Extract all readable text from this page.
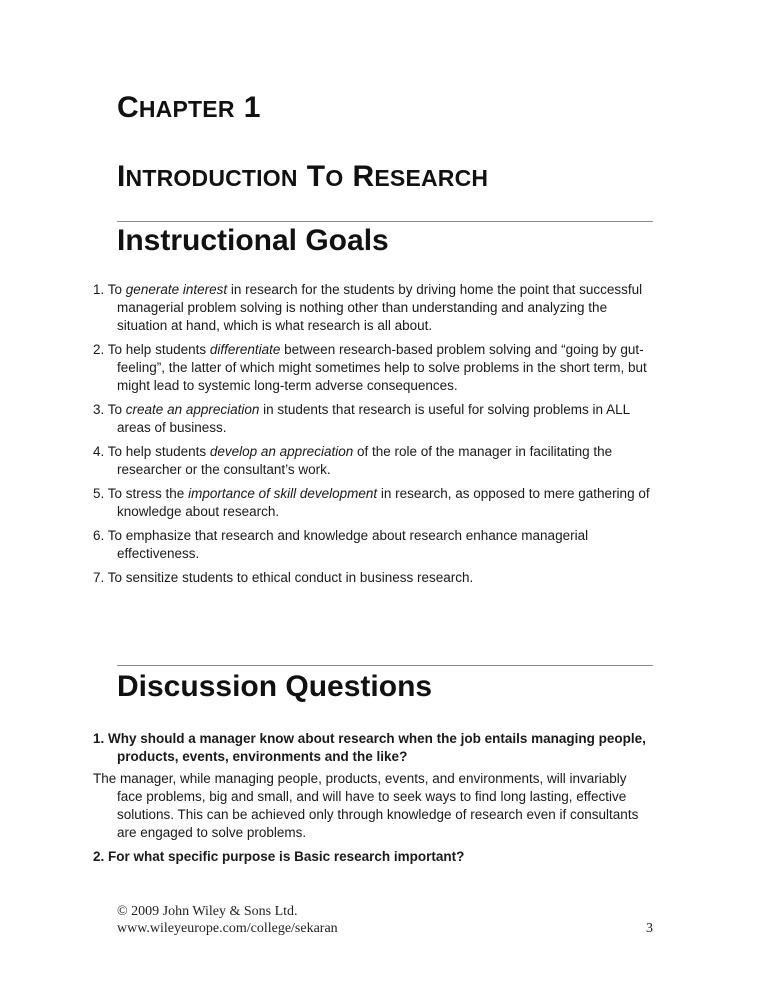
CHAPTER 1
INTRODUCTION TO RESEARCH
Instructional Goals
1. To generate interest in research for the students by driving home the point that successful managerial problem solving is nothing other than understanding and analyzing the situation at hand, which is what research is all about.
2. To help students differentiate between research-based problem solving and “going by gut-feeling”, the latter of which might sometimes help to solve problems in the short term, but might lead to systemic long-term adverse consequences.
3. To create an appreciation in students that research is useful for solving problems in ALL areas of business.
4. To help students develop an appreciation of the role of the manager in facilitating the researcher or the consultant’s work.
5. To stress the importance of skill development in research, as opposed to mere gathering of knowledge about research.
6. To emphasize that research and knowledge about research enhance managerial effectiveness.
7. To sensitize students to ethical conduct in business research.
Discussion Questions
1. Why should a manager know about research when the job entails managing people, products, events, environments and the like?
The manager, while managing people, products, events, and environments, will invariably face problems, big and small, and will have to seek ways to find long lasting, effective solutions. This can be achieved only through knowledge of research even if consultants are engaged to solve problems.
2. For what specific purpose is Basic research important?
© 2009 John Wiley & Sons Ltd.
www.wileyeurope.com/college/sekaran	3
